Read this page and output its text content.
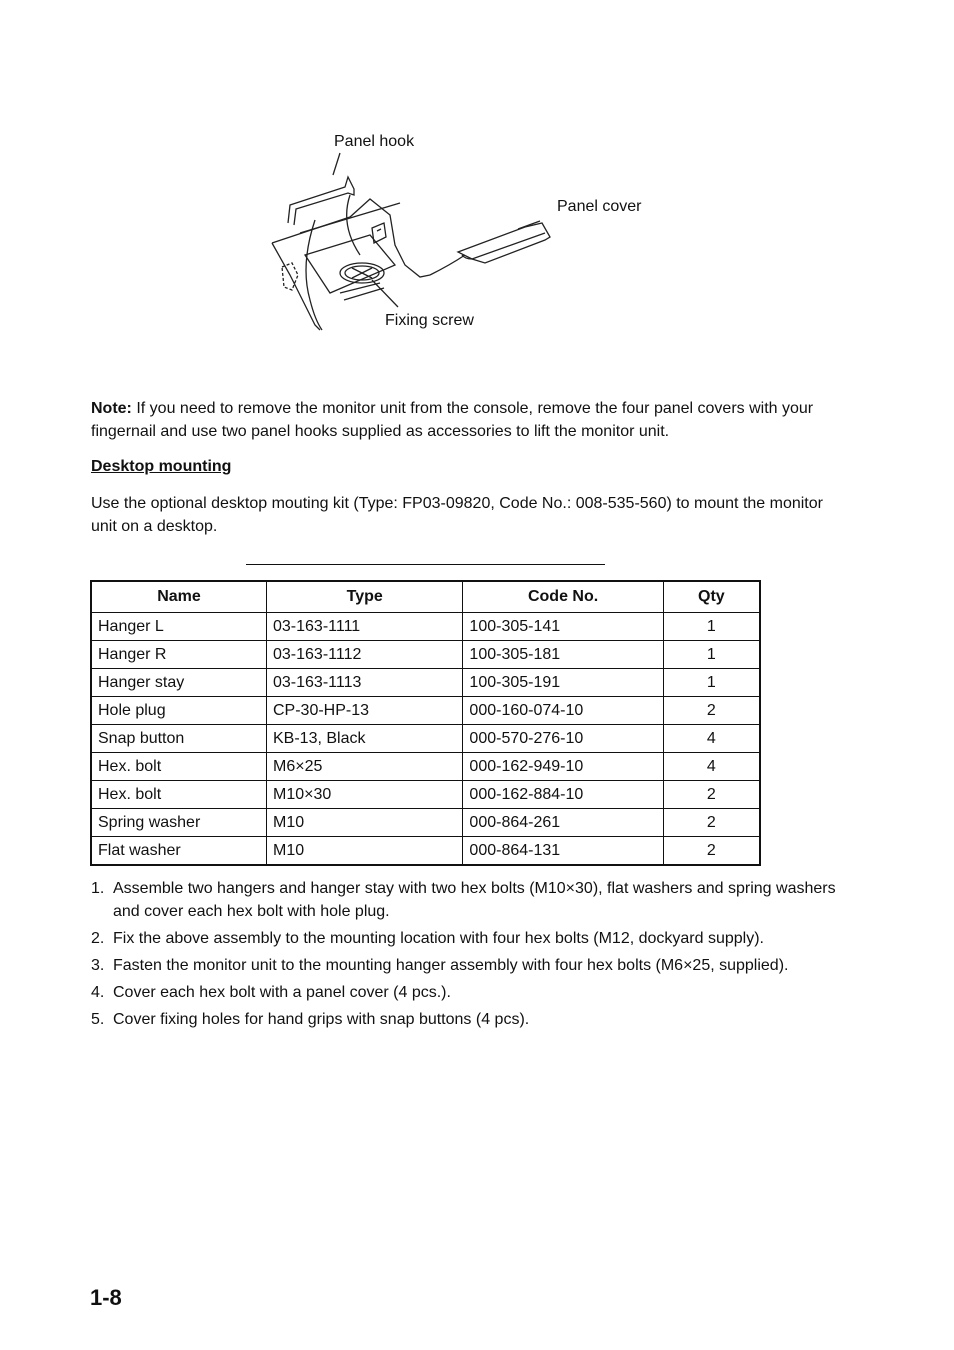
Panel hook
Panel cover
Fixing screw
Note: If you need to remove the monitor unit from the console, remove the four panel covers with your fingernail and use two panel hooks supplied as accessories to lift the monitor unit.
Desktop mounting
Use the optional desktop mouting kit (Type: FP03-09820, Code No.: 008-535-560) to mount the monitor unit on a desktop.
Name	Type	Code No.	Qty
Hanger L	03-163-1111	100-305-141	1
Hanger R	03-163-1112	100-305-181	1
Hanger stay	03-163-1113	100-305-191	1
Hole plug	CP-30-HP-13	000-160-074-10	2
Snap button	KB-13, Black	000-570-276-10	4
Hex. bolt	M6×25	000-162-949-10	4
Hex. bolt	M10×30	000-162-884-10	2
Spring washer	M10	000-864-261	2
Flat washer	M10	000-864-131	2
1. Assemble two hangers and hanger stay with two hex bolts (M10×30), flat washers and spring washers and cover each hex bolt with hole plug.
2. Fix the above assembly to the mounting location with four hex bolts (M12, dockyard supply).
3. Fasten the monitor unit to the mounting hanger assembly with four hex bolts (M6×25, supplied).
4. Cover each hex bolt with a panel cover (4 pcs.).
5. Cover fixing holes for hand grips with snap buttons (4 pcs).
1-8
